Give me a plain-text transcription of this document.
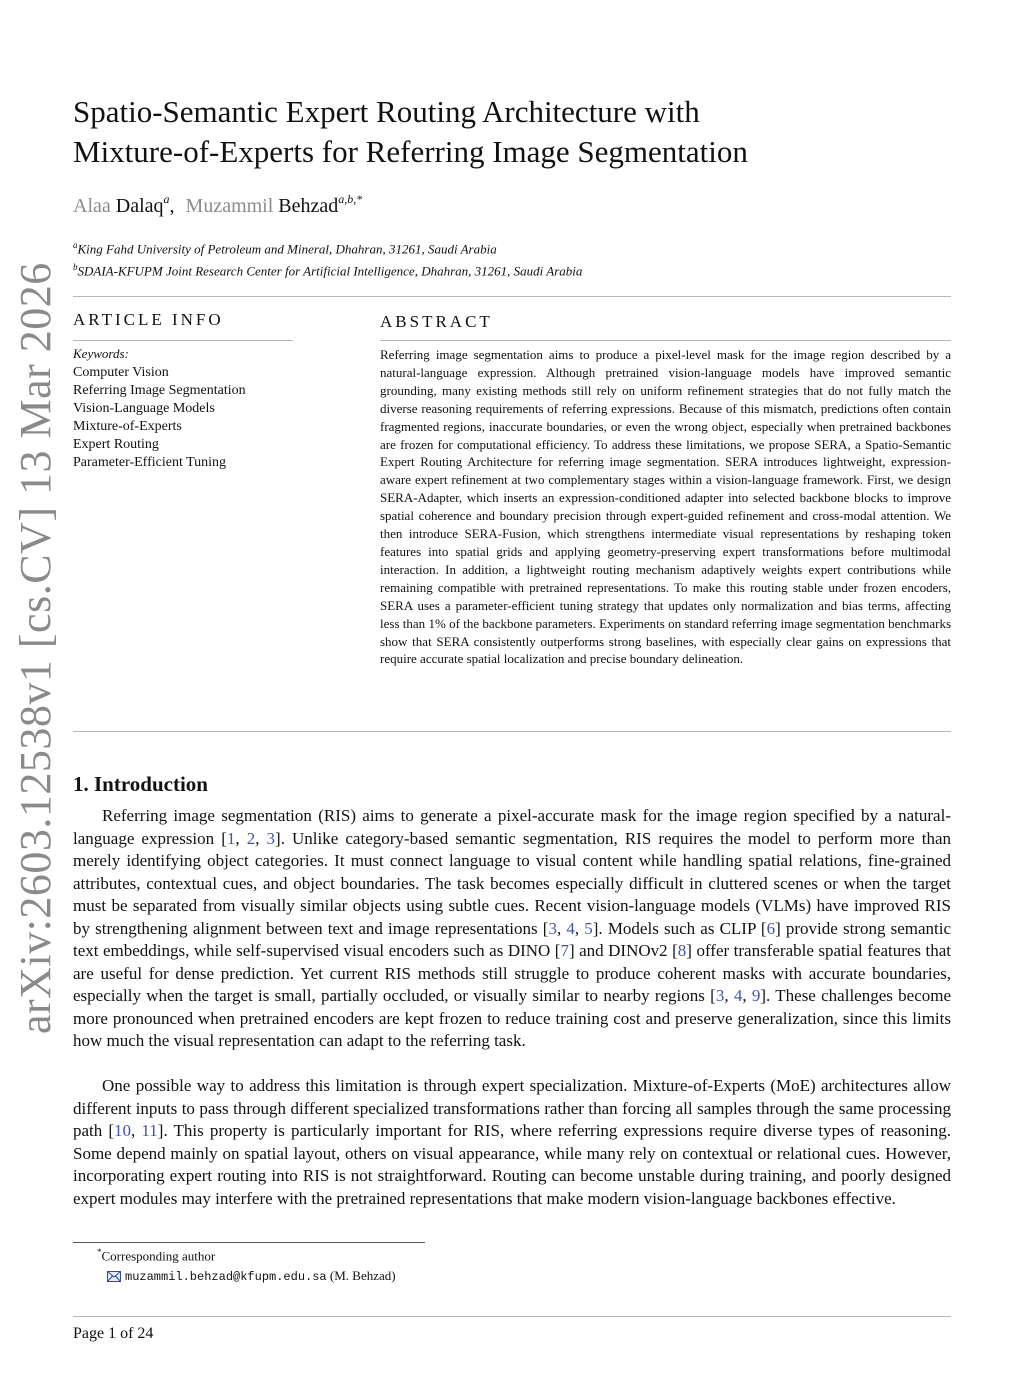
arXiv:2603.12538v1 [cs.CV] 13 Mar 2026
Spatio-Semantic Expert Routing Architecture with
Mixture-of-Experts for Referring Image Segmentation
Alaa Dalaq$^a$, Muzammil Behzad$^{a,b,*}$
$^a$King Fahd University of Petroleum and Mineral, Dhahran, 31261, Saudi Arabia
$^b$SDAIA-KFUPM Joint Research Center for Artificial Intelligence, Dhahran, 31261, Saudi Arabia
ARTICLE INFO
Keywords:
Computer Vision
Referring Image Segmentation
Vision-Language Models
Mixture-of-Experts
Expert Routing
Parameter-Efficient Tuning
ABSTRACT
Referring image segmentation aims to produce a pixel-level mask for the image region described by a natural-language expression. Although pretrained vision-language models have improved semantic grounding, many existing methods still rely on uniform refinement strategies that do not fully match the diverse reasoning requirements of referring expressions. Because of this mismatch, predictions often contain fragmented regions, inaccurate boundaries, or even the wrong object, especially when pretrained backbones are frozen for computational efficiency. To address these limitations, we propose SERA, a Spatio-Semantic Expert Routing Architecture for referring image segmentation. SERA introduces lightweight, expression-aware expert refinement at two complementary stages within a vision-language framework. First, we design SERA-Adapter, which inserts an expression-conditioned adapter into selected backbone blocks to improve spatial coherence and boundary precision through expert-guided refinement and cross-modal attention. We then introduce SERA-Fusion, which strengthens intermediate visual representations by reshaping token features into spatial grids and applying geometry-preserving expert transformations before multimodal interaction. In addition, a lightweight routing mechanism adaptively weights expert contributions while remaining compatible with pretrained representations. To make this routing stable under frozen encoders, SERA uses a parameter-efficient tuning strategy that updates only normalization and bias terms, affecting less than 1% of the backbone parameters. Experiments on standard referring image segmentation benchmarks show that SERA consistently outperforms strong baselines, with especially clear gains on expressions that require accurate spatial localization and precise boundary delineation.
1. Introduction
Referring image segmentation (RIS) aims to generate a pixel-accurate mask for the image region specified by a natural-language expression [1, 2, 3]. Unlike category-based semantic segmentation, RIS requires the model to perform more than merely identifying object categories. It must connect language to visual content while handling spatial relations, fine-grained attributes, contextual cues, and object boundaries. The task becomes especially difficult in cluttered scenes or when the target must be separated from visually similar objects using subtle cues. Recent vision-language models (VLMs) have improved RIS by strengthening alignment between text and image representations [3, 4, 5]. Models such as CLIP [6] provide strong semantic text embeddings, while self-supervised visual encoders such as DINO [7] and DINOv2 [8] offer transferable spatial features that are useful for dense prediction. Yet current RIS methods still struggle to produce coherent masks with accurate boundaries, especially when the target is small, partially occluded, or visually similar to nearby regions [3, 4, 9]. These challenges become more pronounced when pretrained encoders are kept frozen to reduce training cost and preserve generalization, since this limits how much the visual representation can adapt to the referring task.
One possible way to address this limitation is through expert specialization. Mixture-of-Experts (MoE) architectures allow different inputs to pass through different specialized transformations rather than forcing all samples through the same processing path [10, 11]. This property is particularly important for RIS, where referring expressions require diverse types of reasoning. Some depend mainly on spatial layout, others on visual appearance, while many rely on contextual or relational cues. However, incorporating expert routing into RIS is not straightforward. Routing can become unstable during training, and poorly designed expert modules may interfere with the pretrained representations that make modern vision-language backbones effective.
*Corresponding author
muzammil.behzad@kfupm.edu.sa (M. Behzad)
Page 1 of 24
